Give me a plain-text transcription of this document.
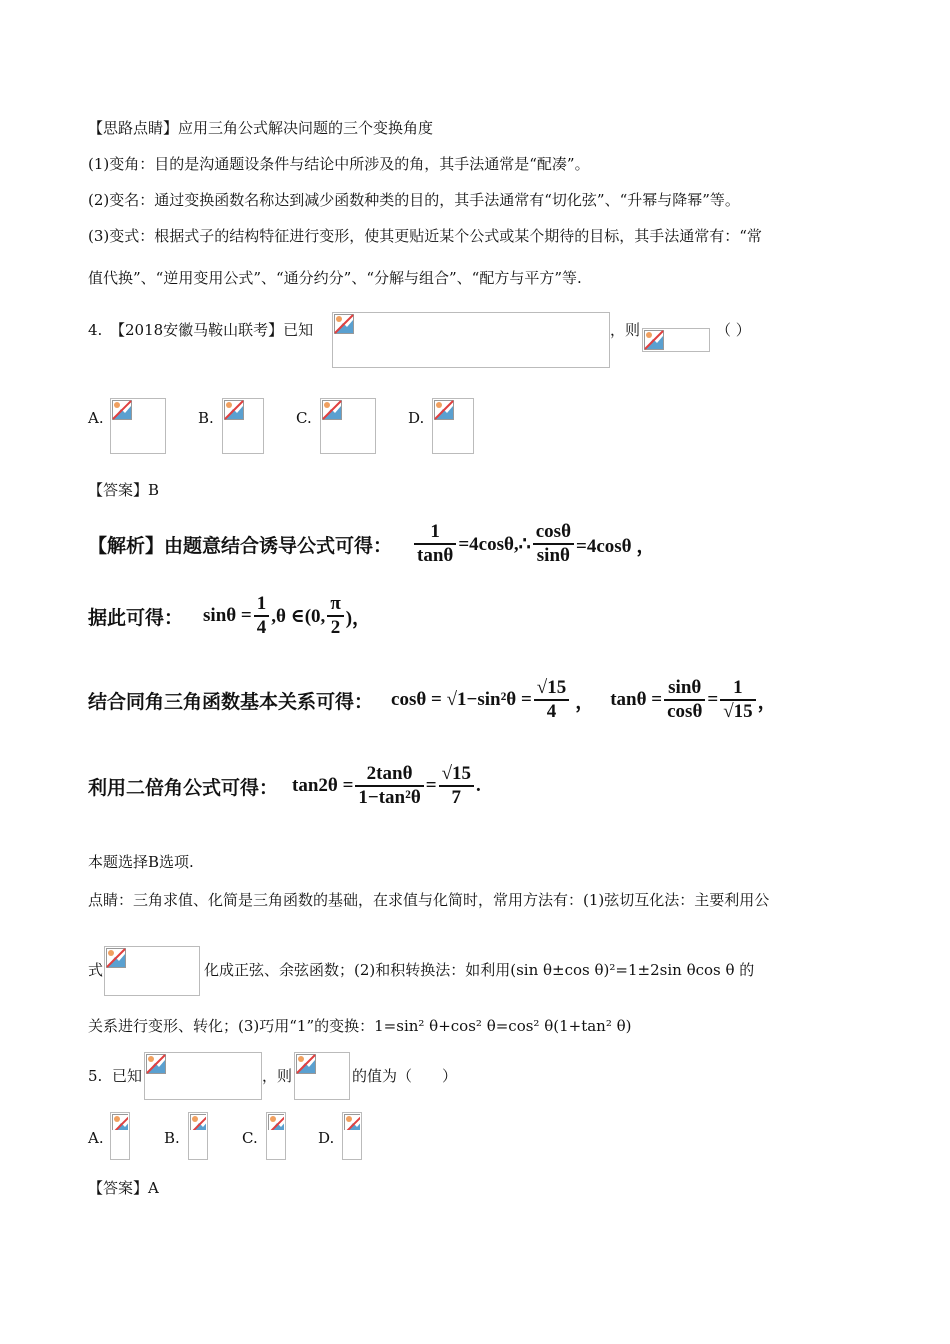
【思路点睛】应用三角公式解决问题的三个变换角度
(1)变角：目的是沟通题设条件与结论中所涉及的角，其手法通常是“配凑”。
(2)变名：通过变换函数名称达到减少函数种类的目的，其手法通常有“切化弦”、“升幂与降幂”等。
(3)变式：根据式子的结构特征进行变形，使其更贴近某个公式或某个期待的目标，其手法通常有：“常
值代换”、“逆用变用公式”、“通分约分”、“分解与组合”、“配方与平方”等.
4. 【2018安徽马鞍山联考】已知	，则	（ ）
A.	B.	C.	D.
【答案】B
【解析】由题意结合诱导公式可得： $\frac{1}{\tan\theta}$ =4cosθ,∴ $\frac{\cos\theta}{\sin\theta} =4\cos\theta$ ，
据此可得： $\sin\theta = \frac{1}{4} ,\theta$ ∈(0, $\frac{\pi}{2}$ )，
结合同角三角函数基本关系可得： $\cos\theta = √1-\sin^2\theta = \frac{√15}{4}$ ， $\tan\theta = \frac{\sin\theta}{\cos\theta} = \frac{1}{√15}$ ，
利用二倍角公式可得： $\tan 2\theta = \frac{2\tan\theta}{\text{1−tan²θ}} = \frac{√15}{7}$ .
本题选择B选项.
点睛：三角求值、化简是三角函数的基础，在求值与化简时，常用方法有：(1)弦切互化法：主要利用公
式	化成正弦、余弦函数；(2)和积转换法：如利用(sin θ±cos θ)²=1±2sin θcos θ 的
关系进行变形、转化；(3)巧用“1”的变换：1=sin² θ+cos² θ=cos² θ(1+tan² θ)
5. 已知	，则	的值为（　　）
A.	B.	C.	D.
【答案】A
